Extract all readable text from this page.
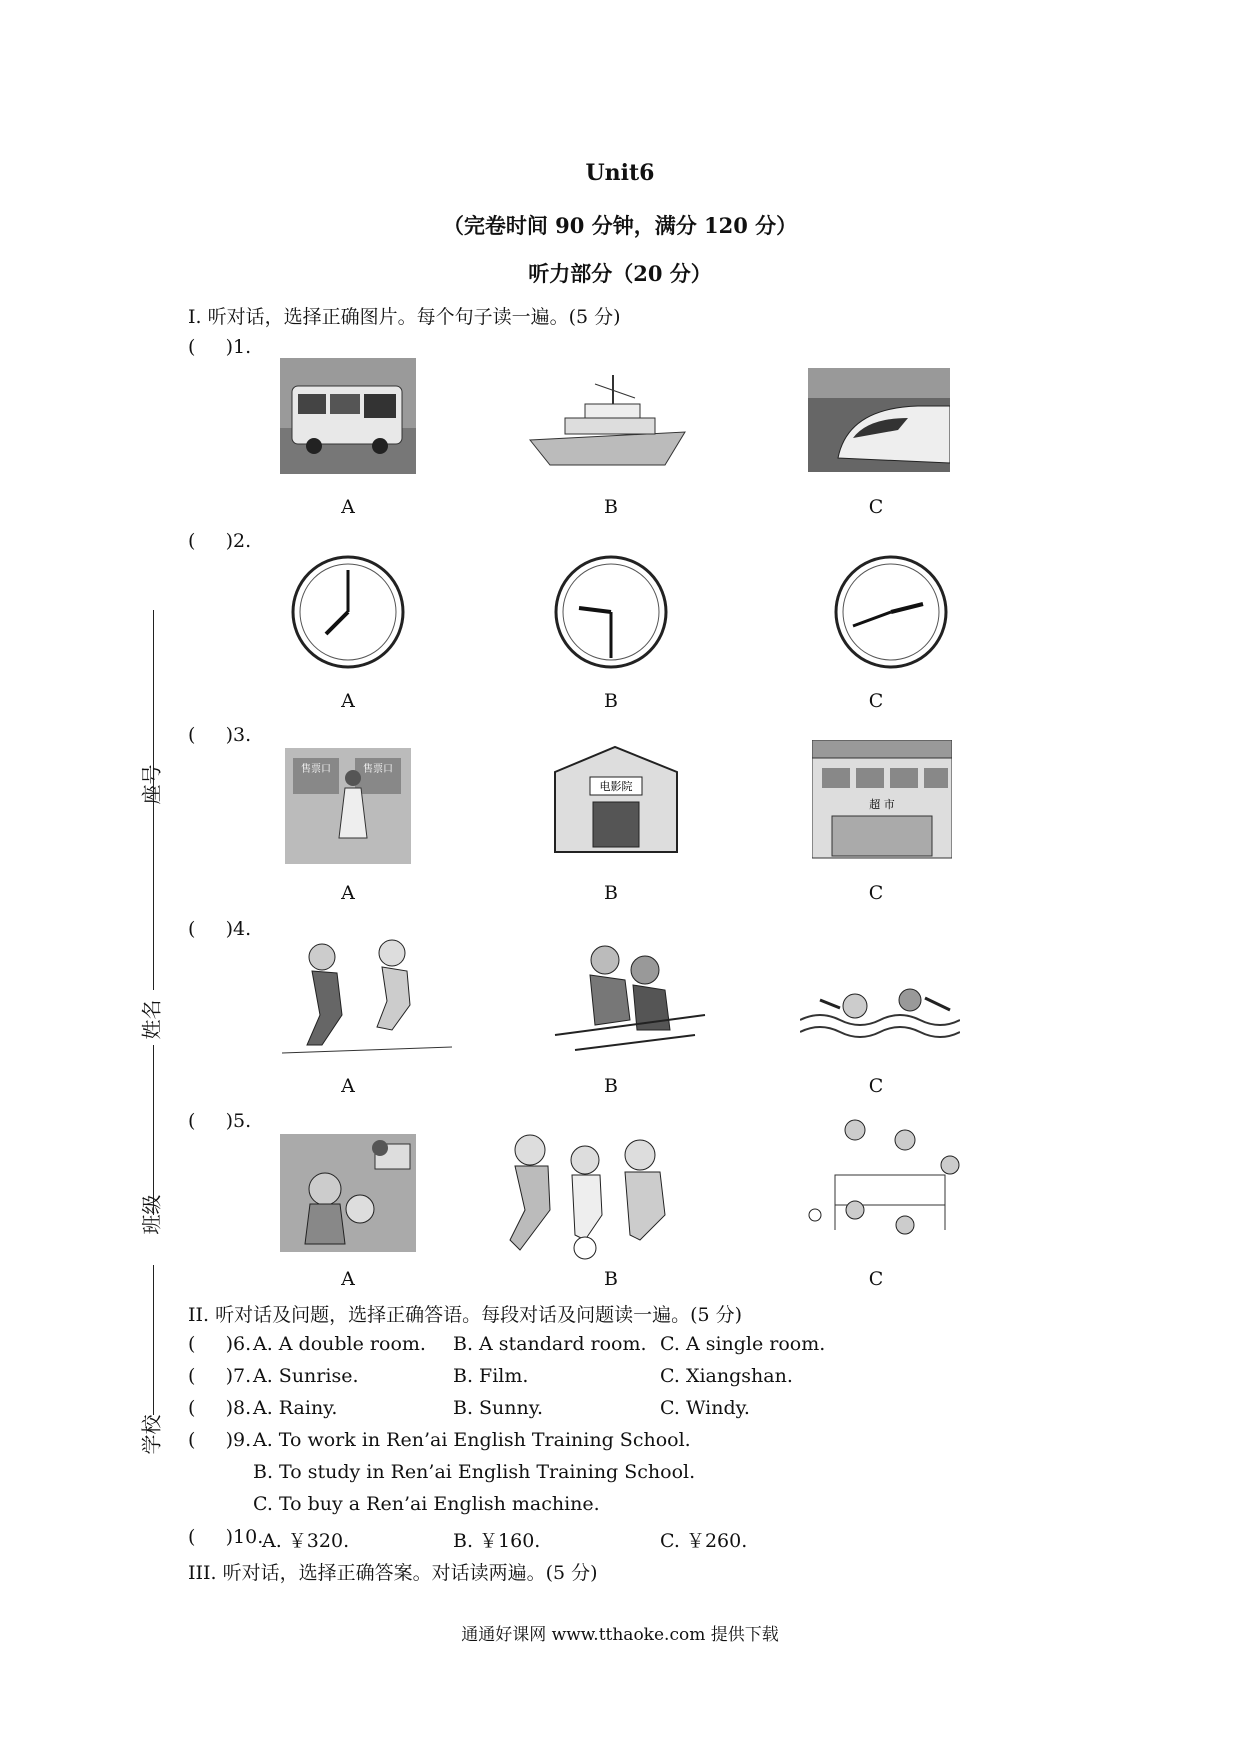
Unit6
（完卷时间 90 分钟，满分 120 分）
听力部分（20 分）
座号
姓名
班级
学校
I. 听对话，选择正确图片。每个句子读一遍。(5 分)
(     )1.
A	B	C
(     )2.
A	B	C
(     )3.
售票口	售票口
电影院
超 市
A	B	C
(     )4.
A	B	C
(     )5.
A	B	C
II. 听对话及问题，选择正确答语。每段对话及问题读一遍。(5 分)
(     )6. A. A double room. B. A standard room. C. A single room.
(     )7. A. Sunrise.	B. Film.	C. Xiangshan.
(     )8. A. Rainy.	B. Sunny.	C. Windy.
(     )9. A. To work in Ren’ai English Training School.
B. To study in Ren’ai English Training School.
C. To buy a Ren’ai English machine.
(     )10.
A. ￥320.	B. ￥160.	C. ￥260.
III. 听对话，选择正确答案。对话读两遍。(5 分)
通通好课网 www.tthaoke.com 提供下载
